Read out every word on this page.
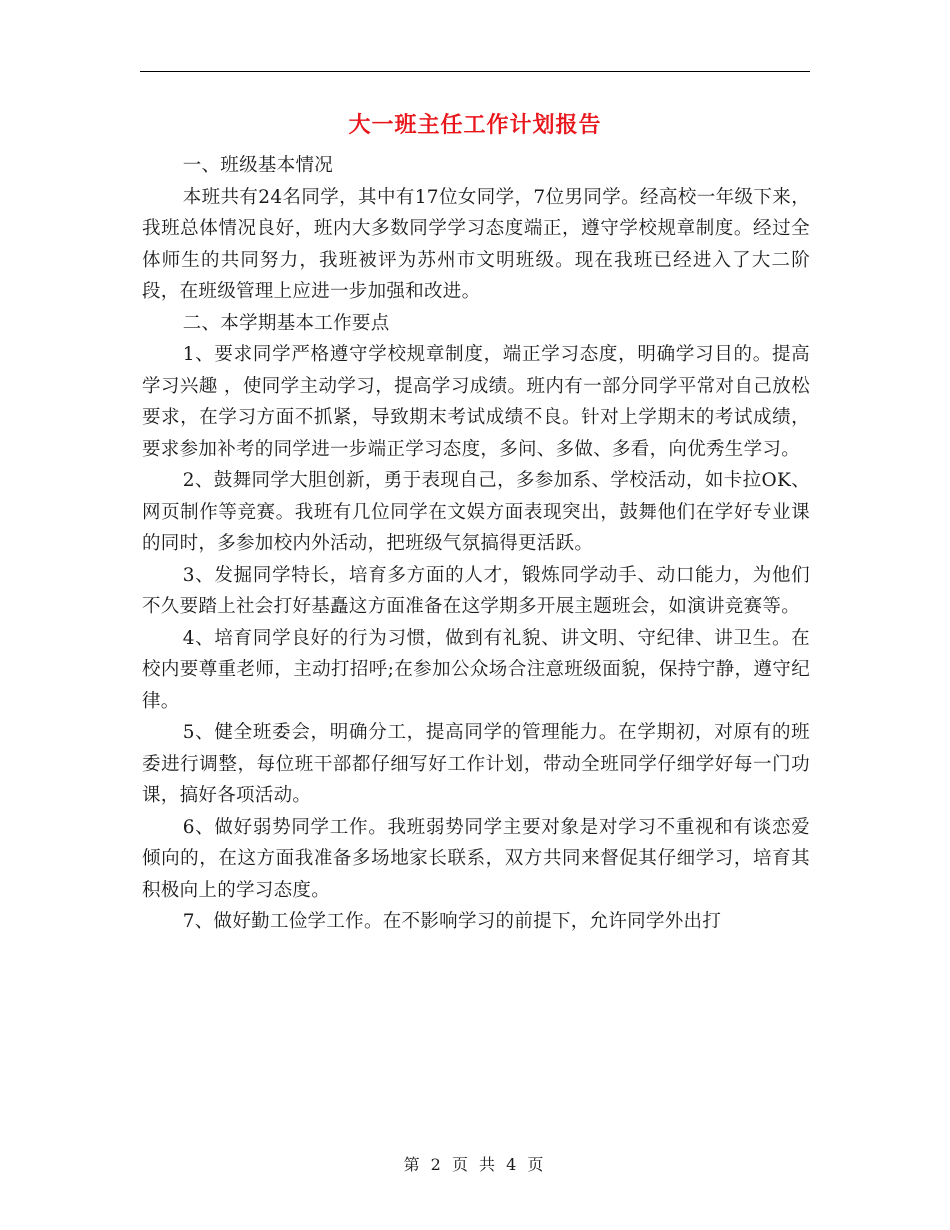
大一班主任工作计划报告

一、班级基本情况

本班共有24名同学，其中有17位女同学，7位男同学。经高校一年级下来，我班总体情况良好，班内大多数同学学习态度端正，遵守学校规章制度。经过全体师生的共同努力，我班被评为苏州市文明班级。现在我班已经进入了大二阶段，在班级管理上应进一步加强和改进。

二、本学期基本工作要点

1、要求同学严格遵守学校规章制度，端正学习态度，明确学习目的。提高学习兴趣 ，使同学主动学习，提高学习成绩。班内有一部分同学平常对自己放松要求，在学习方面不抓紧，导致期末考试成绩不良。针对上学期末的考试成绩，要求参加补考的同学进一步端正学习态度，多问、多做、多看，向优秀生学习。

2、鼓舞同学大胆创新，勇于表现自己，多参加系、学校活动，如卡拉OK、网页制作等竞赛。我班有几位同学在文娱方面表现突出，鼓舞他们在学好专业课的同时，多参加校内外活动，把班级气氛搞得更活跃。

3、发掘同学特长，培育多方面的人才，锻炼同学动手、动口能力，为他们不久要踏上社会打好基矗这方面准备在这学期多开展主题班会，如演讲竞赛等。

4、培育同学良好的行为习惯，做到有礼貌、讲文明、守纪律、讲卫生。在校内要尊重老师，主动打招呼;在参加公众场合注意班级面貌，保持宁静，遵守纪律。

5、健全班委会，明确分工，提高同学的管理能力。在学期初，对原有的班委进行调整，每位班干部都仔细写好工作计划，带动全班同学仔细学好每一门功课，搞好各项活动。

6、做好弱势同学工作。我班弱势同学主要对象是对学习不重视和有谈恋爱倾向的，在这方面我准备多场地家长联系，双方共同来督促其仔细学习，培育其积极向上的学习态度。

7、做好勤工俭学工作。在不影响学习的前提下，允许同学外出打

第 2 页 共 4 页
